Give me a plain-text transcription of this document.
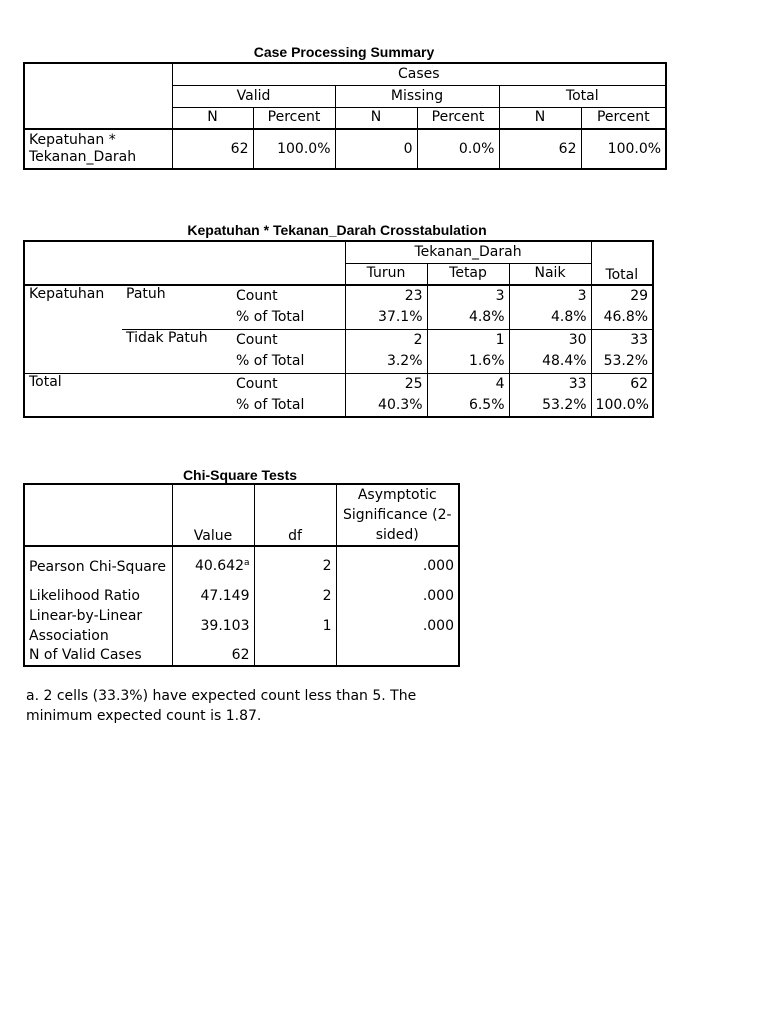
Case Processing Summary
	Cases					
	Valid		Missing		Total	
	N	Percent	N	Percent	N	Percent
Kepatuhan * Tekanan_Darah	62	100.0%	0	0.0%	62	100.0%
Kepatuhan * Tekanan_Darah Crosstabulation
			Tekanan_Darah			Total
			Turun	Tetap	Naik	
Kepatuhan	Patuh	Count	23	3	3	29
		% of Total	37.1%	4.8%	4.8%	46.8%
	Tidak Patuh	Count	2	1	30	33
		% of Total	3.2%	1.6%	48.4%	53.2%
Total		Count	25	4	33	62
		% of Total	40.3%	6.5%	53.2%	100.0%
Chi-Square Tests
	Value	df	Asymptotic Significance (2-sided)
Pearson Chi-Square	40.642$^a$	2	.000
Likelihood Ratio	47.149	2	.000
Linear-by-Linear Association	39.103	1	.000
N of Valid Cases	62		
a. 2 cells (33.3%) have expected count less than 5. The minimum expected count is 1.87.
